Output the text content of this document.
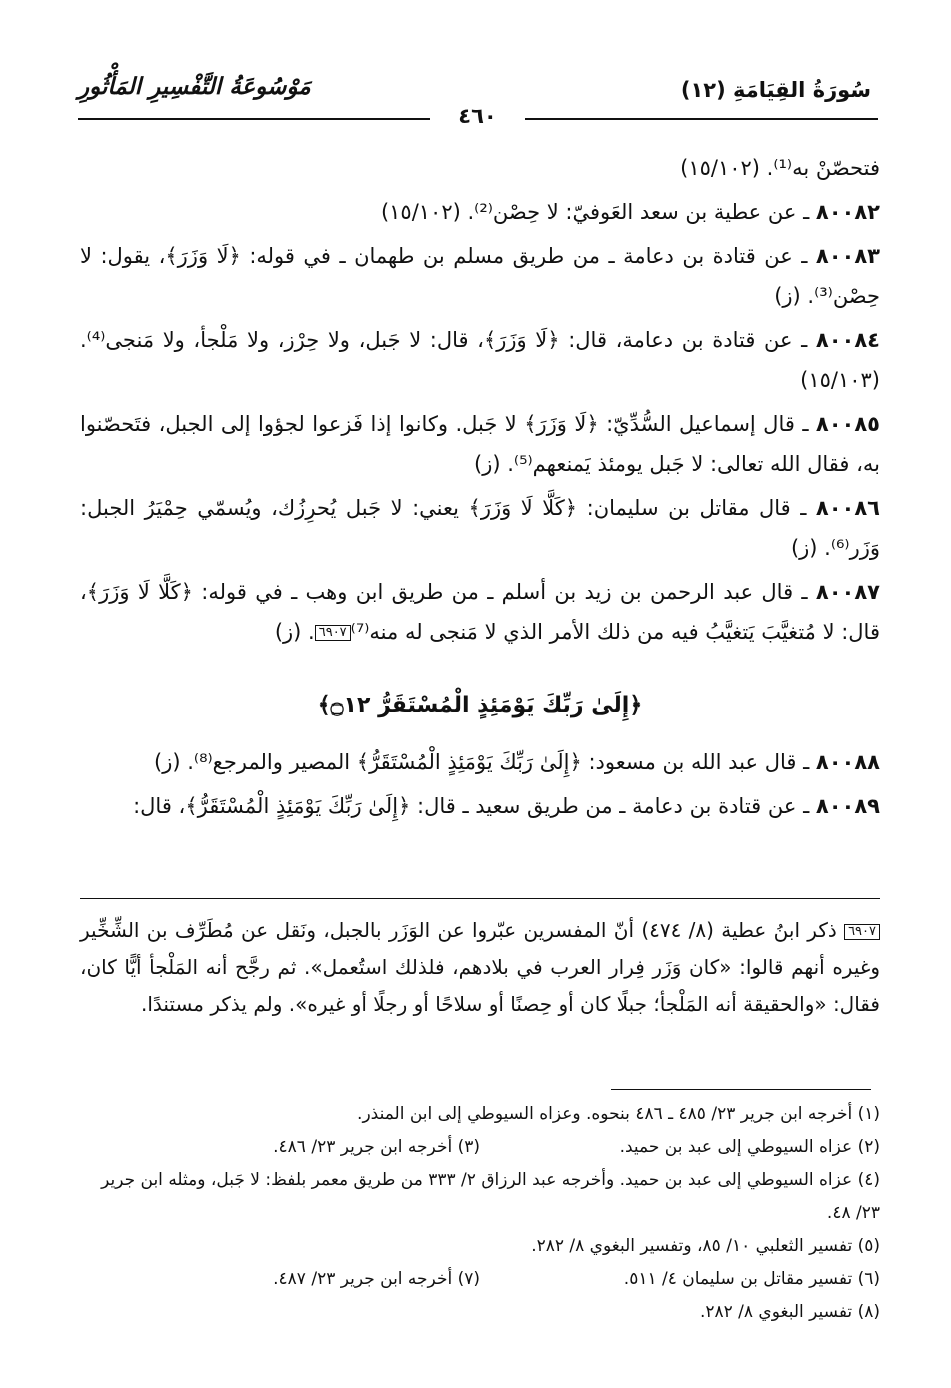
سُورَةُ القِيَامَةِ (١٢)
مَوْسُوعَةُ التَّفْسِيرِ المَأْثُورِ
٤٦٠

فتحصّنْ به⁽¹⁾. (١٥/١٠٢)

٨٠٠٨٢ ـ عن عطية بن سعد العَوفيّ: لا حِصْن⁽²⁾. (١٥/١٠٢)

٨٠٠٨٣ ـ عن قتادة بن دعامة ـ من طريق مسلم بن طهمان ـ في قوله: ﴿لَا وَزَرَ﴾، يقول: لا حِصْن⁽³⁾. (ز)

٨٠٠٨٤ ـ عن قتادة بن دعامة، قال: ﴿لَا وَزَرَ﴾، قال: لا جَبل، ولا حِرْز، ولا مَلْجأ، ولا مَنجى⁽⁴⁾. (١٥/١٠٣)

٨٠٠٨٥ ـ قال إسماعيل السُّدِّيّ: ﴿لَا وَزَرَ﴾ لا جَبل. وكانوا إذا فَزعوا لجؤوا إلى الجبل، فتَحصّنوا به، فقال الله تعالى: لا جَبل يومئذ يَمنعهم⁽⁵⁾. (ز)

٨٠٠٨٦ ـ قال مقاتل بن سليمان: ﴿كَلَّا لَا وَزَرَ﴾ يعني: لا جَبل يُحرِزُك، ويُسمّي حِمْيَرُ الجبل: وَزَر⁽⁶⁾. (ز)

٨٠٠٨٧ ـ قال عبد الرحمن بن زيد بن أسلم ـ من طريق ابن وهب ـ في قوله: ﴿كَلَّا لَا وَزَرَ﴾، قال: لا مُتغيَّبَ يَتغيَّبُ فيه من ذلك الأمر الذي لا مَنجى له منه⁽⁷⁾٦٩٠٧. (ز)

﴿إِلَىٰ رَبِّكَ يَوْمَئِذٍ الْمُسْتَقَرُّ ۝١٢﴾

٨٠٠٨٨ ـ قال عبد الله بن مسعود: ﴿إِلَىٰ رَبِّكَ يَوْمَئِذٍ الْمُسْتَقَرُّ﴾ المصير والمرجع⁽⁸⁾. (ز)

٨٠٠٨٩ ـ عن قتادة بن دعامة ـ من طريق سعيد ـ قال: ﴿إِلَىٰ رَبِّكَ يَوْمَئِذٍ الْمُسْتَقَرُّ﴾، قال:

٦٩٠٧ ذكر ابنُ عطية (٨/ ٤٧٤) أنّ المفسرين عبّروا عن الوَزَر بالجبل، ونَقل عن مُطَرِّف بن الشِّخِّير وغيره أنهم قالوا: «كان وَزَر فِرار العرب في بلادهم، فلذلك استُعمل». ثم رجَّح أنه المَلْجأ أيًّا كان، فقال: «والحقيقة أنه المَلْجأ؛ جبلًا كان أو حِصنًا أو سلاحًا أو رجلًا أو غيره». ولم يذكر مستندًا.

(١) أخرجه ابن جرير ٢٣/ ٤٨٥ ـ ٤٨٦ بنحوه. وعزاه السيوطي إلى ابن المنذر.

(٢) عزاه السيوطي إلى عبد بن حميد.
(٣) أخرجه ابن جرير ٢٣/ ٤٨٦.

(٤) عزاه السيوطي إلى عبد بن حميد. وأخرجه عبد الرزاق ٢/ ٣٣٣ من طريق معمر بلفظ: لا جَبل، ومثله ابن جرير ٢٣/ ٤٨.

(٥) تفسير الثعلبي ١٠/ ٨٥، وتفسير البغوي ٨/ ٢٨٢.

(٦) تفسير مقاتل بن سليمان ٤/ ٥١١.
(٧) أخرجه ابن جرير ٢٣/ ٤٨٧.

(٨) تفسير البغوي ٨/ ٢٨٢.
